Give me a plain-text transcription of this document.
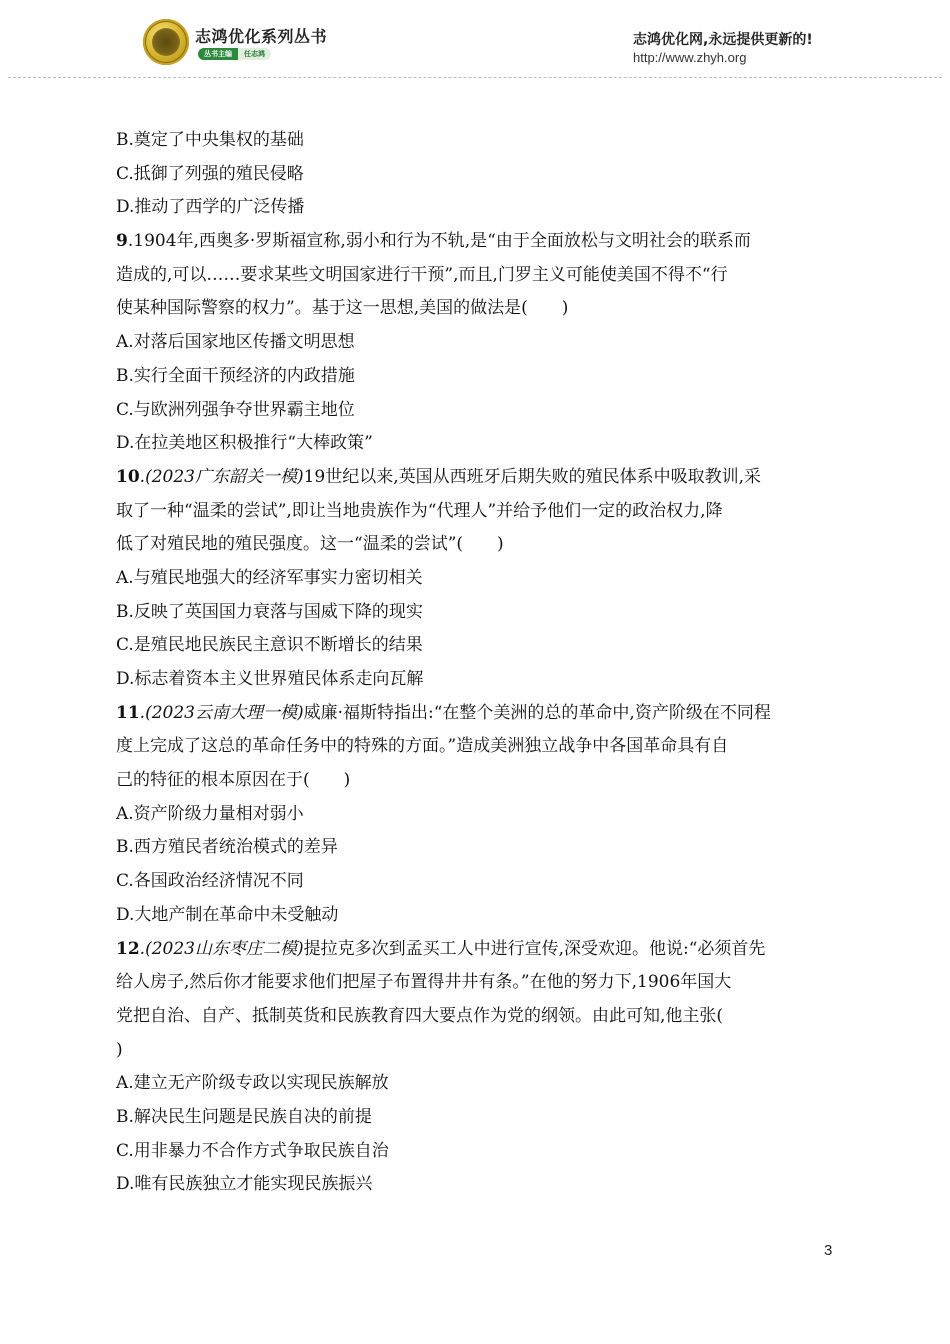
志鸿优化系列丛书
丛书主编	任志鸿
志鸿优化网,永远提供更新的!
http://www.zhyh.org
B.奠定了中央集权的基础
C.抵御了列强的殖民侵略
D.推动了西学的广泛传播
9.1904年,西奥多·罗斯福宣称,弱小和行为不轨,是“由于全面放松与文明社会的联系而
造成的,可以……要求某些文明国家进行干预”,而且,门罗主义可能使美国不得不“行
使某种国际警察的权力”。基于这一思想,美国的做法是(　　)
A.对落后国家地区传播文明思想
B.实行全面干预经济的内政措施
C.与欧洲列强争夺世界霸主地位
D.在拉美地区积极推行“大棒政策”
10.(2023广东韶关一模)19世纪以来,英国从西班牙后期失败的殖民体系中吸取教训,采
取了一种“温柔的尝试”,即让当地贵族作为“代理人”并给予他们一定的政治权力,降
低了对殖民地的殖民强度。这一“温柔的尝试”(　　)
A.与殖民地强大的经济军事实力密切相关
B.反映了英国国力衰落与国威下降的现实
C.是殖民地民族民主意识不断增长的结果
D.标志着资本主义世界殖民体系走向瓦解
11.(2023云南大理一模)威廉·福斯特指出:“在整个美洲的总的革命中,资产阶级在不同程
度上完成了这总的革命任务中的特殊的方面。”造成美洲独立战争中各国革命具有自
己的特征的根本原因在于(　　)
A.资产阶级力量相对弱小
B.西方殖民者统治模式的差异
C.各国政治经济情况不同
D.大地产制在革命中未受触动
12.(2023山东枣庄二模)提拉克多次到孟买工人中进行宣传,深受欢迎。他说:“必须首先
给人房子,然后你才能要求他们把屋子布置得井井有条。”在他的努力下,1906年国大
党把自治、自产、抵制英货和民族教育四大要点作为党的纲领。由此可知,他主张(
)
A.建立无产阶级专政以实现民族解放
B.解决民生问题是民族自决的前提
C.用非暴力不合作方式争取民族自治
D.唯有民族独立才能实现民族振兴
3
